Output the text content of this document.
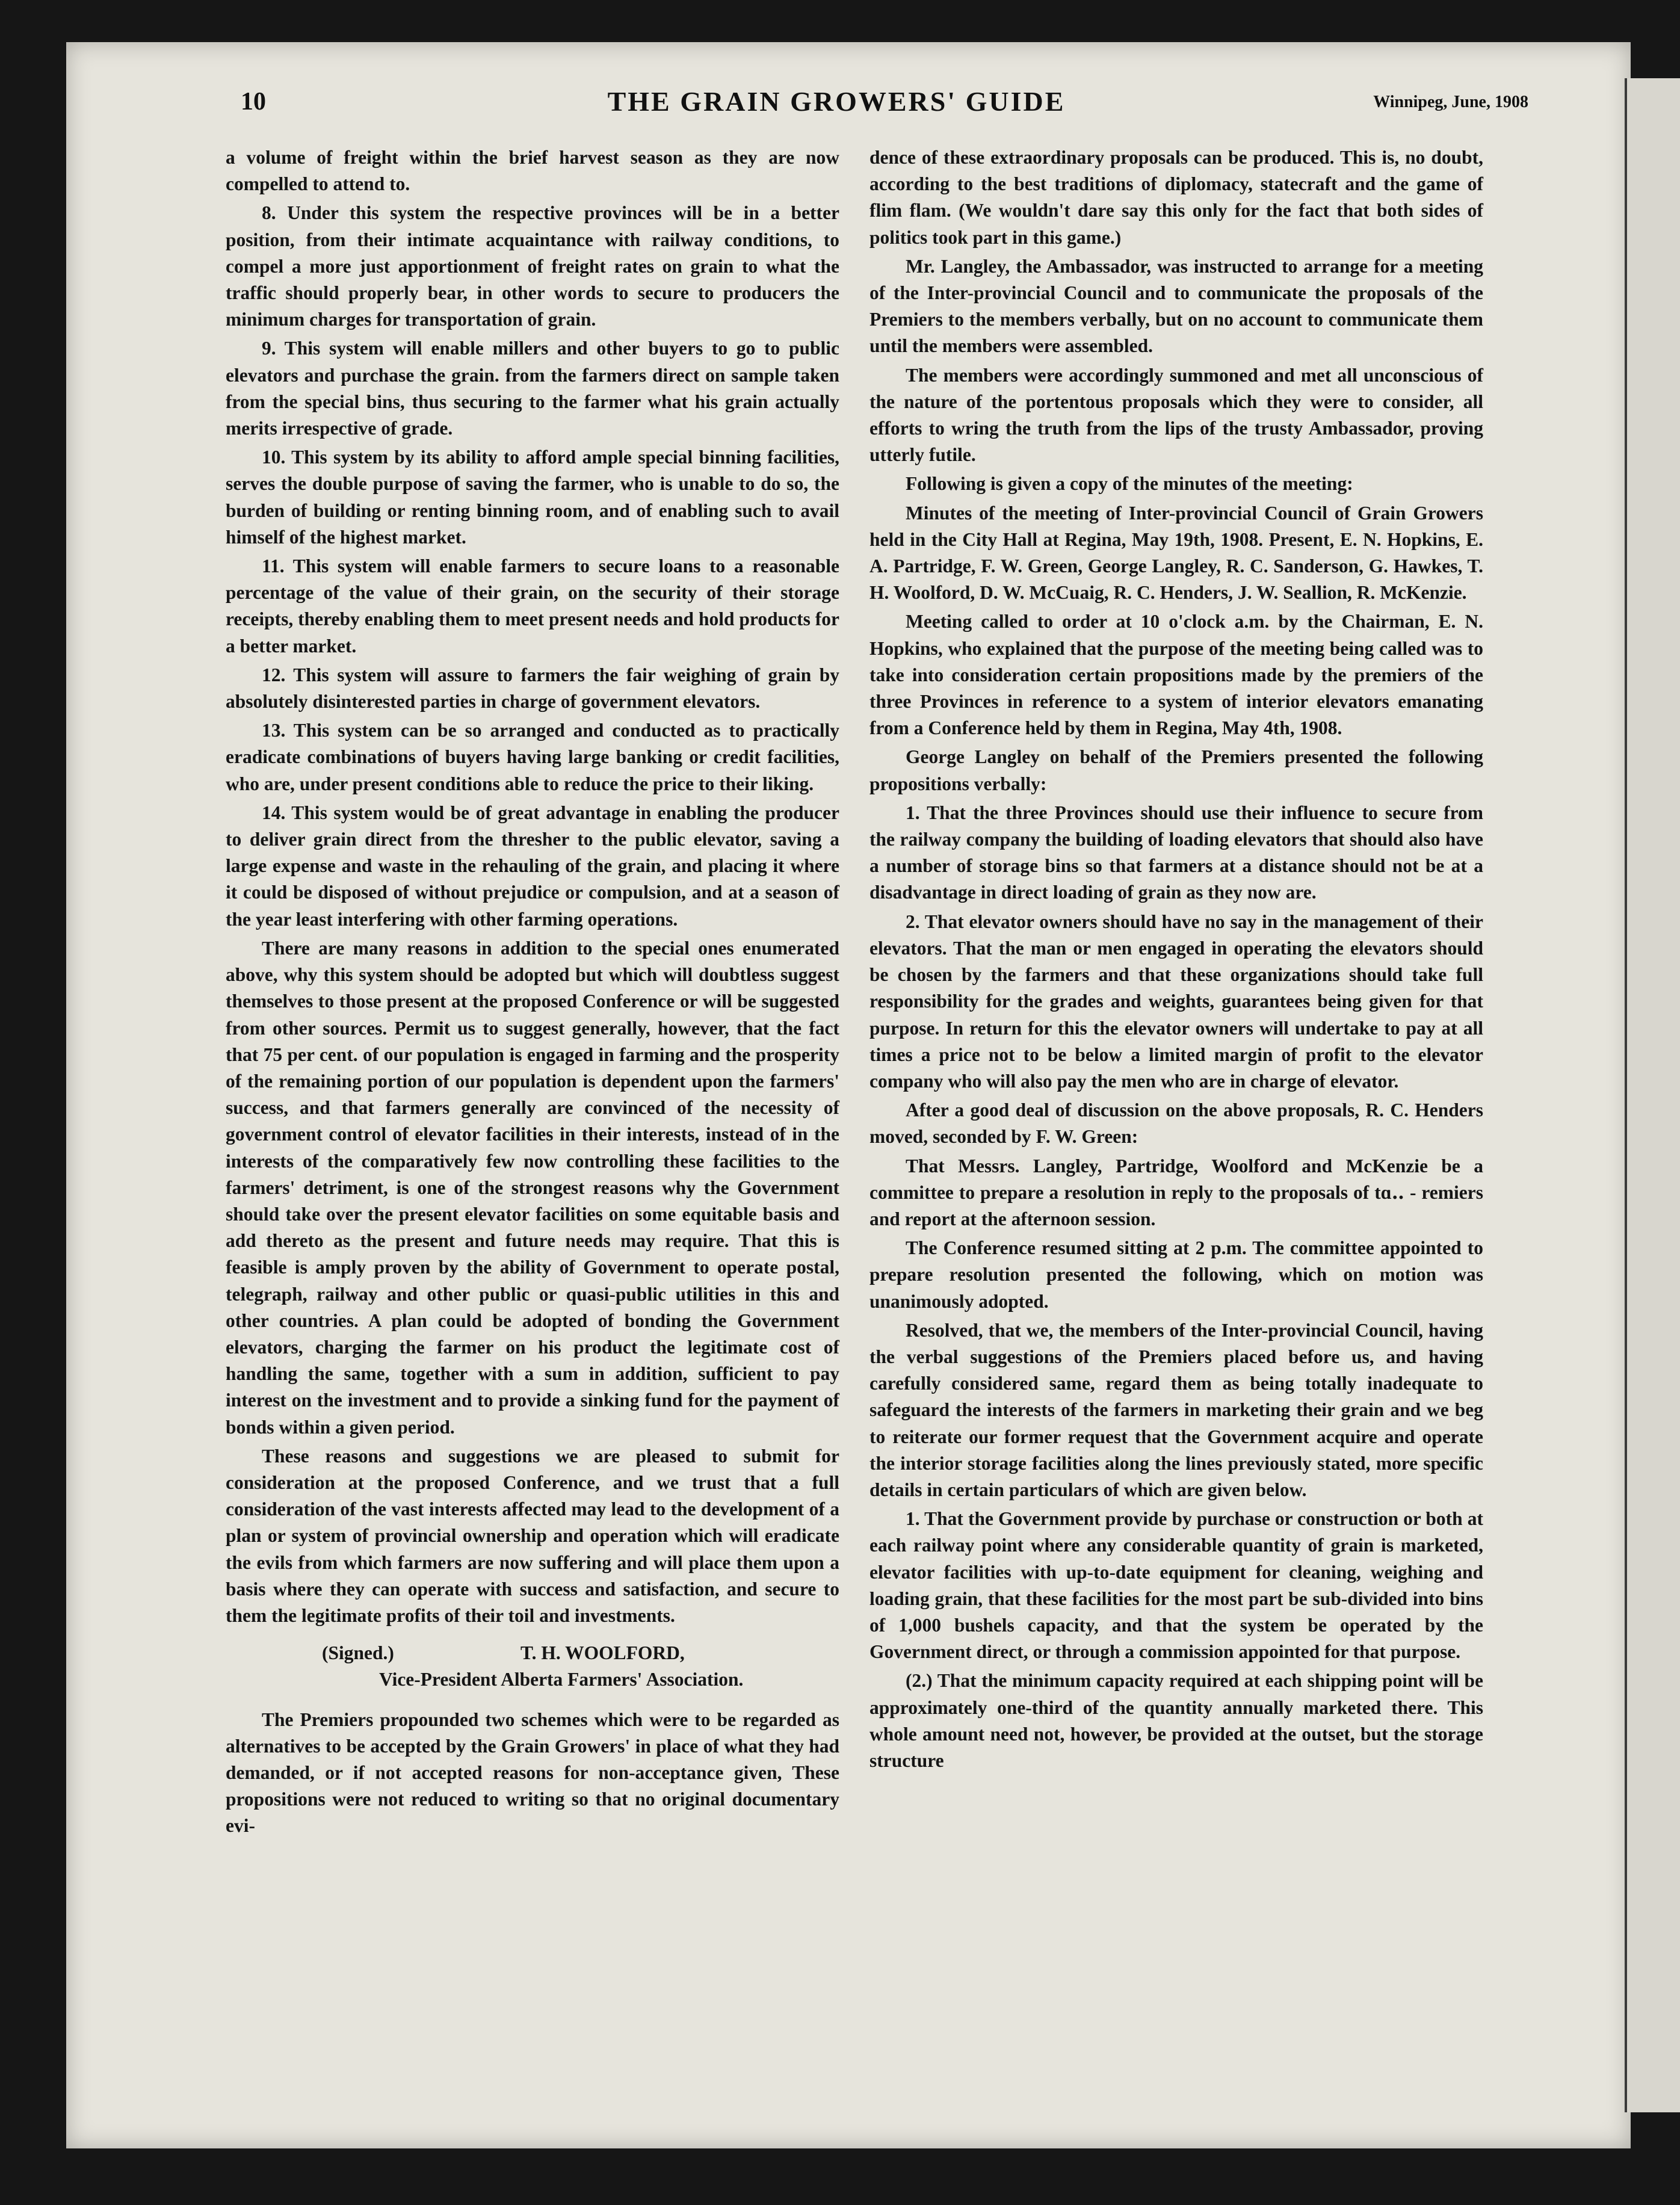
10	THE GRAIN GROWERS' GUIDE	Winnipeg, June, 1908

a volume of freight within the brief harvest season as they are now compelled to attend to.

8. Under this system the respective provinces will be in a better position, from their intimate acquaintance with railway conditions, to compel a more just apportionment of freight rates on grain to what the traffic should properly bear, in other words to secure to producers the minimum charges for transportation of grain.

9. This system will enable millers and other buyers to go to public elevators and purchase the grain. from the farmers direct on sample taken from the special bins, thus securing to the farmer what his grain actually merits irrespective of grade.

10. This system by its ability to afford ample special binning facilities, serves the double purpose of saving the farmer, who is unable to do so, the burden of building or renting binning room, and of enabling such to avail himself of the highest market.

11. This system will enable farmers to secure loans to a reasonable percentage of the value of their grain, on the security of their storage receipts, thereby enabling them to meet present needs and hold products for a better market.

12. This system will assure to farmers the fair weighing of grain by absolutely disinterested parties in charge of government elevators.

13. This system can be so arranged and conducted as to practically eradicate combinations of buyers having large banking or credit facilities, who are, under present conditions able to reduce the price to their liking.

14. This system would be of great advantage in enabling the producer to deliver grain direct from the thresher to the public elevator, saving a large expense and waste in the rehauling of the grain, and placing it where it could be disposed of without prejudice or compulsion, and at a season of the year least interfering with other farming operations.

There are many reasons in addition to the special ones enumerated above, why this system should be adopted but which will doubtless suggest themselves to those present at the proposed Conference or will be suggested from other sources. Permit us to suggest generally, however, that the fact that 75 per cent. of our population is engaged in farming and the prosperity of the remaining portion of our population is dependent upon the farmers' success, and that farmers generally are convinced of the necessity of government control of elevator facilities in their interests, instead of in the interests of the comparatively few now controlling these facilities to the farmers' detriment, is one of the strongest reasons why the Government should take over the present elevator facilities on some equitable basis and add thereto as the present and future needs may require. That this is feasible is amply proven by the ability of Government to operate postal, telegraph, railway and other public or quasi-public utilities in this and other countries. A plan could be adopted of bonding the Government elevators, charging the farmer on his product the legitimate cost of handling the same, together with a sum in addition, sufficient to pay interest on the investment and to provide a sinking fund for the payment of bonds within a given period.

These reasons and suggestions we are pleased to submit for consideration at the proposed Conference, and we trust that a full consideration of the vast interests affected may lead to the development of a plan or system of provincial ownership and operation which will eradicate the evils from which farmers are now suffering and will place them upon a basis where they can operate with success and satisfaction, and secure to them the legitimate profits of their toil and investments.

(Signed.)	T. H. WOOLFORD,
Vice-President Alberta Farmers' Association.

The Premiers propounded two schemes which were to be regarded as alternatives to be accepted by the Grain Growers' in place of what they had demanded, or if not accepted reasons for non-acceptance given, These propositions were not reduced to writing so that no original documentary evi-

dence of these extraordinary proposals can be produced. This is, no doubt, according to the best traditions of diplomacy, statecraft and the game of flim flam. (We wouldn't dare say this only for the fact that both sides of politics took part in this game.)

Mr. Langley, the Ambassador, was instructed to arrange for a meeting of the Inter-provincial Council and to communicate the proposals of the Premiers to the members verbally, but on no account to communicate them until the members were assembled.

The members were accordingly summoned and met all unconscious of the nature of the portentous proposals which they were to consider, all efforts to wring the truth from the lips of the trusty Ambassador, proving utterly futile.

Following is given a copy of the minutes of the meeting:

Minutes of the meeting of Inter-provincial Council of Grain Growers held in the City Hall at Regina, May 19th, 1908. Present, E. N. Hopkins, E. A. Partridge, F. W. Green, George Langley, R. C. Sanderson, G. Hawkes, T. H. Woolford, D. W. McCuaig, R. C. Henders, J. W. Seallion, R. McKenzie.

Meeting called to order at 10 o'clock a.m. by the Chairman, E. N. Hopkins, who explained that the purpose of the meeting being called was to take into consideration certain propositions made by the premiers of the three Provinces in reference to a system of interior elevators emanating from a Conference held by them in Regina, May 4th, 1908.

George Langley on behalf of the Premiers presented the following propositions verbally:

1. That the three Provinces should use their influence to secure from the railway company the building of loading elevators that should also have a number of storage bins so that farmers at a distance should not be at a disadvantage in direct loading of grain as they now are.

2. That elevator owners should have no say in the management of their elevators. That the man or men engaged in operating the elevators should be chosen by the farmers and that these organizations should take full responsibility for the grades and weights, guarantees being given for that purpose. In return for this the elevator owners will undertake to pay at all times a price not to be below a limited margin of profit to the elevator company who will also pay the men who are in charge of elevator.

After a good deal of discussion on the above proposals, R. C. Henders moved, seconded by F. W. Green:

That Messrs. Langley, Partridge, Woolford and McKenzie be a committee to prepare a resolution in reply to the proposals of tɑ‥ - remiers and report at the afternoon session.

The Conference resumed sitting at 2 p.m. The committee appointed to prepare resolution presented the following, which on motion was unanimously adopted.

Resolved, that we, the members of the Inter-provincial Council, having the verbal suggestions of the Premiers placed before us, and having carefully considered same, regard them as being totally inadequate to safeguard the interests of the farmers in marketing their grain and we beg to reiterate our former request that the Government acquire and operate the interior storage facilities along the lines previously stated, more specific details in certain particulars of which are given below.

1. That the Government provide by purchase or construction or both at each railway point where any considerable quantity of grain is marketed, elevator facilities with up-to-date equipment for cleaning, weighing and loading grain, that these facilities for the most part be sub-divided into bins of 1,000 bushels capacity, and that the system be operated by the Government direct, or through a commission appointed for that purpose.

(2.) That the minimum capacity required at each shipping point will be approximately one-third of the quantity annually marketed there. This whole amount need not, however, be provided at the outset, but the storage structure
